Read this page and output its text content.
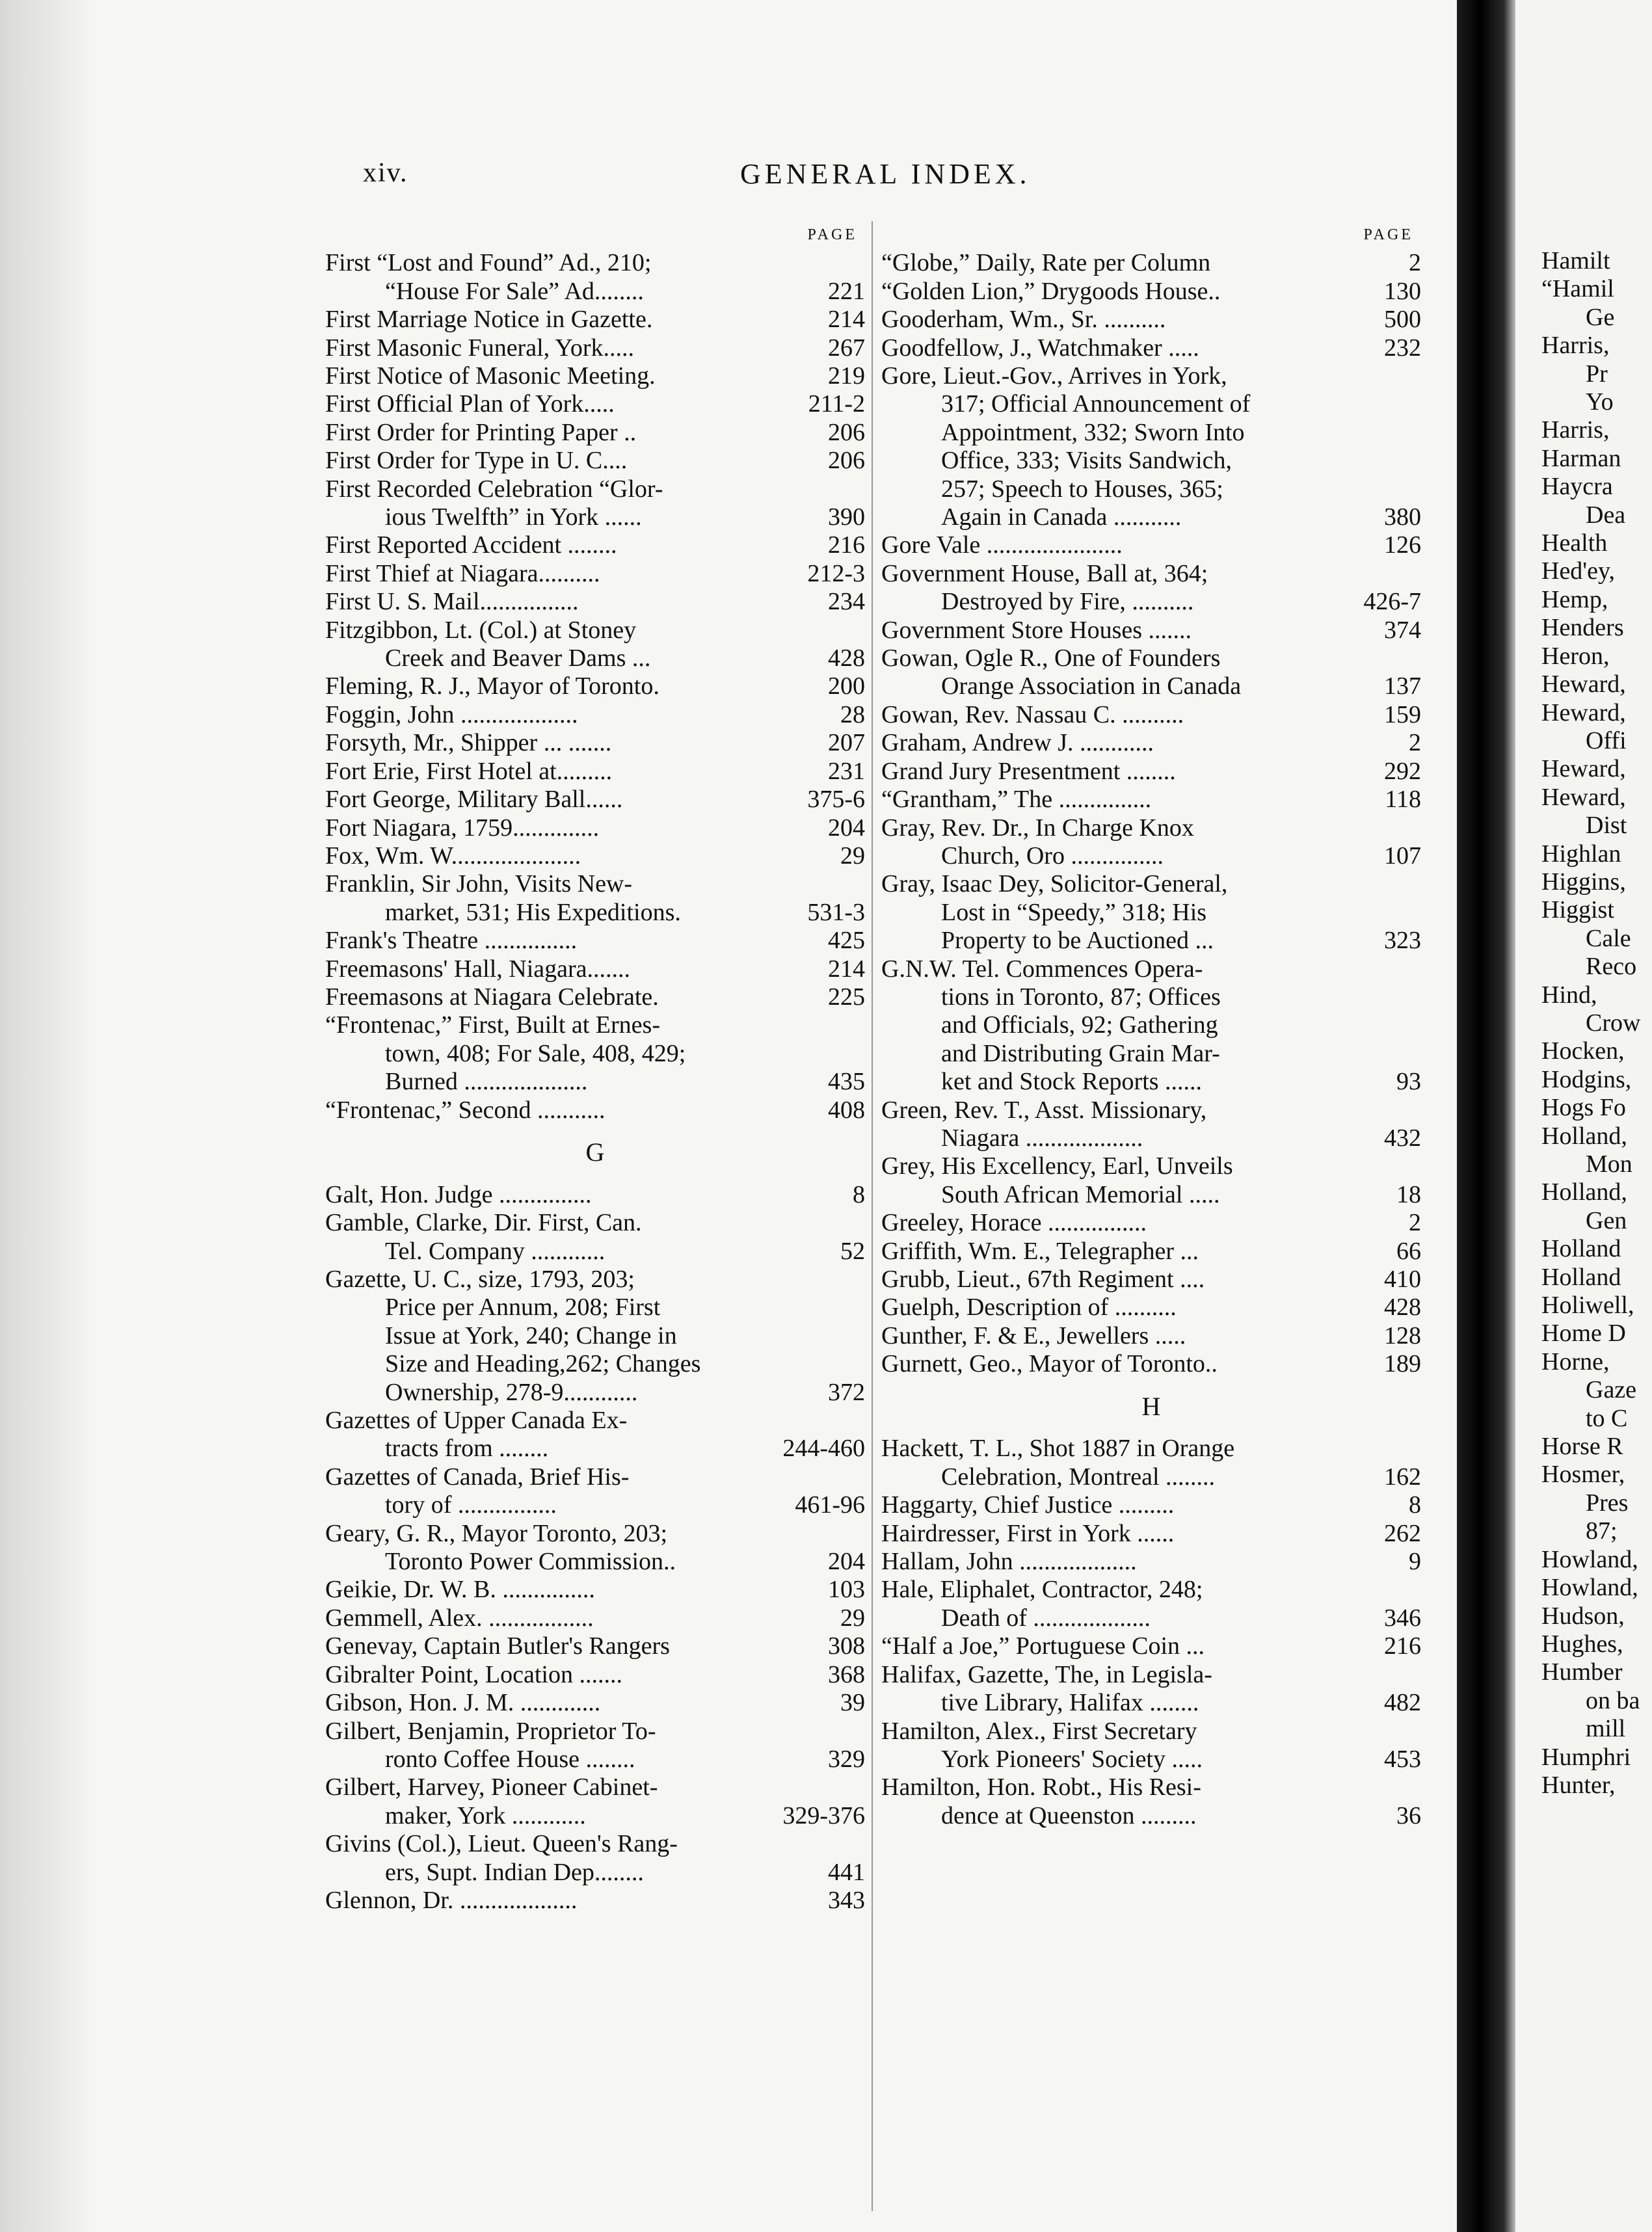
xiv.	GENERAL INDEX.
PAGE
First “Lost and Found” Ad., 210;
“House For Sale” Ad........	221
First Marriage Notice in Gazette.	214
First Masonic Funeral, York.....	267
First Notice of Masonic Meeting.	219
First Official Plan of York.....	211-2
First Order for Printing Paper ..	206
First Order for Type in U. C....	206
First Recorded Celebration “Glor-
ious Twelfth” in York ......	390
First Reported Accident ........	216
First Thief at Niagara..........	212-3
First U. S. Mail................	234
Fitzgibbon, Lt. (Col.) at Stoney
Creek and Beaver Dams ...	428
Fleming, R. J., Mayor of Toronto.	200
Foggin, John ...................	28
Forsyth, Mr., Shipper ... .......	207
Fort Erie, First Hotel at.........	231
Fort George, Military Ball......	375-6
Fort Niagara, 1759..............	204
Fox, Wm. W.....................	29
Franklin, Sir John, Visits New-
market, 531; His Expeditions.	531-3
Frank's Theatre ...............	425
Freemasons' Hall, Niagara.......	214
Freemasons at Niagara Celebrate.	225
“Frontenac,” First, Built at Ernes-
town, 408; For Sale, 408, 429;
Burned ....................	435
“Frontenac,” Second ...........	408
G
Galt, Hon. Judge ...............	8
Gamble, Clarke, Dir. First, Can.
Tel. Company ............	52
Gazette, U. C., size, 1793, 203;
Price per Annum, 208; First
Issue at York, 240; Change in
Size and Heading,262; Changes
Ownership, 278-9............	372
Gazettes of Upper Canada Ex-
tracts from ........	244-460
Gazettes of Canada, Brief His-
tory of ................	461-96
Geary, G. R., Mayor Toronto, 203;
Toronto Power Commission..	204
Geikie, Dr. W. B. ...............	103
Gemmell, Alex. .................	29
Genevay, Captain Butler's Rangers	308
Gibralter Point, Location .......	368
Gibson, Hon. J. M. .............	39
Gilbert, Benjamin, Proprietor To-
ronto Coffee House ........	329
Gilbert, Harvey, Pioneer Cabinet-
maker, York ............	329-376
Givins (Col.), Lieut. Queen's Rang-
ers, Supt. Indian Dep........	441
Glennon, Dr. ...................	343
PAGE
“Globe,” Daily, Rate per Column	2
“Golden Lion,” Drygoods House..	130
Gooderham, Wm., Sr. ..........	500
Goodfellow, J., Watchmaker .....	232
Gore, Lieut.-Gov., Arrives in York,
317; Official Announcement of
Appointment, 332; Sworn Into
Office, 333; Visits Sandwich,
257; Speech to Houses, 365;
Again in Canada ...........	380
Gore Vale ......................	126
Government House, Ball at, 364;
Destroyed by Fire, ..........	426-7
Government Store Houses .......	374
Gowan, Ogle R., One of Founders
Orange Association in Canada	137
Gowan, Rev. Nassau C. ..........	159
Graham, Andrew J. ............	2
Grand Jury Presentment ........	292
“Grantham,” The ...............	118
Gray, Rev. Dr., In Charge Knox
Church, Oro ...............	107
Gray, Isaac Dey, Solicitor-General,
Lost in “Speedy,” 318; His
Property to be Auctioned ...	323
G.N.W. Tel. Commences Opera-
tions in Toronto, 87; Offices
and Officials, 92; Gathering
and Distributing Grain Mar-
ket and Stock Reports ......	93
Green, Rev. T., Asst. Missionary,
Niagara ...................	432
Grey, His Excellency, Earl, Unveils
South African Memorial .....	18
Greeley, Horace ................	2
Griffith, Wm. E., Telegrapher ...	66
Grubb, Lieut., 67th Regiment ....	410
Guelph, Description of ..........	428
Gunther, F. & E., Jewellers .....	128
Gurnett, Geo., Mayor of Toronto..	189
H
Hackett, T. L., Shot 1887 in Orange
Celebration, Montreal ........	162
Haggarty, Chief Justice .........	8
Hairdresser, First in York ......	262
Hallam, John ...................	9
Hale, Eliphalet, Contractor, 248;
Death of ...................	346
“Half a Joe,” Portuguese Coin ...	216
Halifax, Gazette, The, in Legisla-
tive Library, Halifax ........	482
Hamilton, Alex., First Secretary
York Pioneers' Society .....	453
Hamilton, Hon. Robt., His Resi-
dence at Queenston .........	36
Hamilt
“Hamil
Ge
Harris,
Pr
Yo
Harris,
Harman
Haycra
Dea
Health
Hed'ey,
Hemp,
Henders
Heron,
Heward,
Heward,
Offi
Heward,
Heward,
Dist
Highlan
Higgins,
Higgist
Cale
Reco
Hind,
Crow
Hocken,
Hodgins,
Hogs Fo
Holland,
Mon
Holland,
Gen
Holland
Holland
Holiwell,
Home D
Horne,
Gaze
to C
Horse R
Hosmer,
Pres
87;
Howland,
Howland,
Hudson,
Hughes,
Humber
on ba
mill
Humphri
Hunter,
